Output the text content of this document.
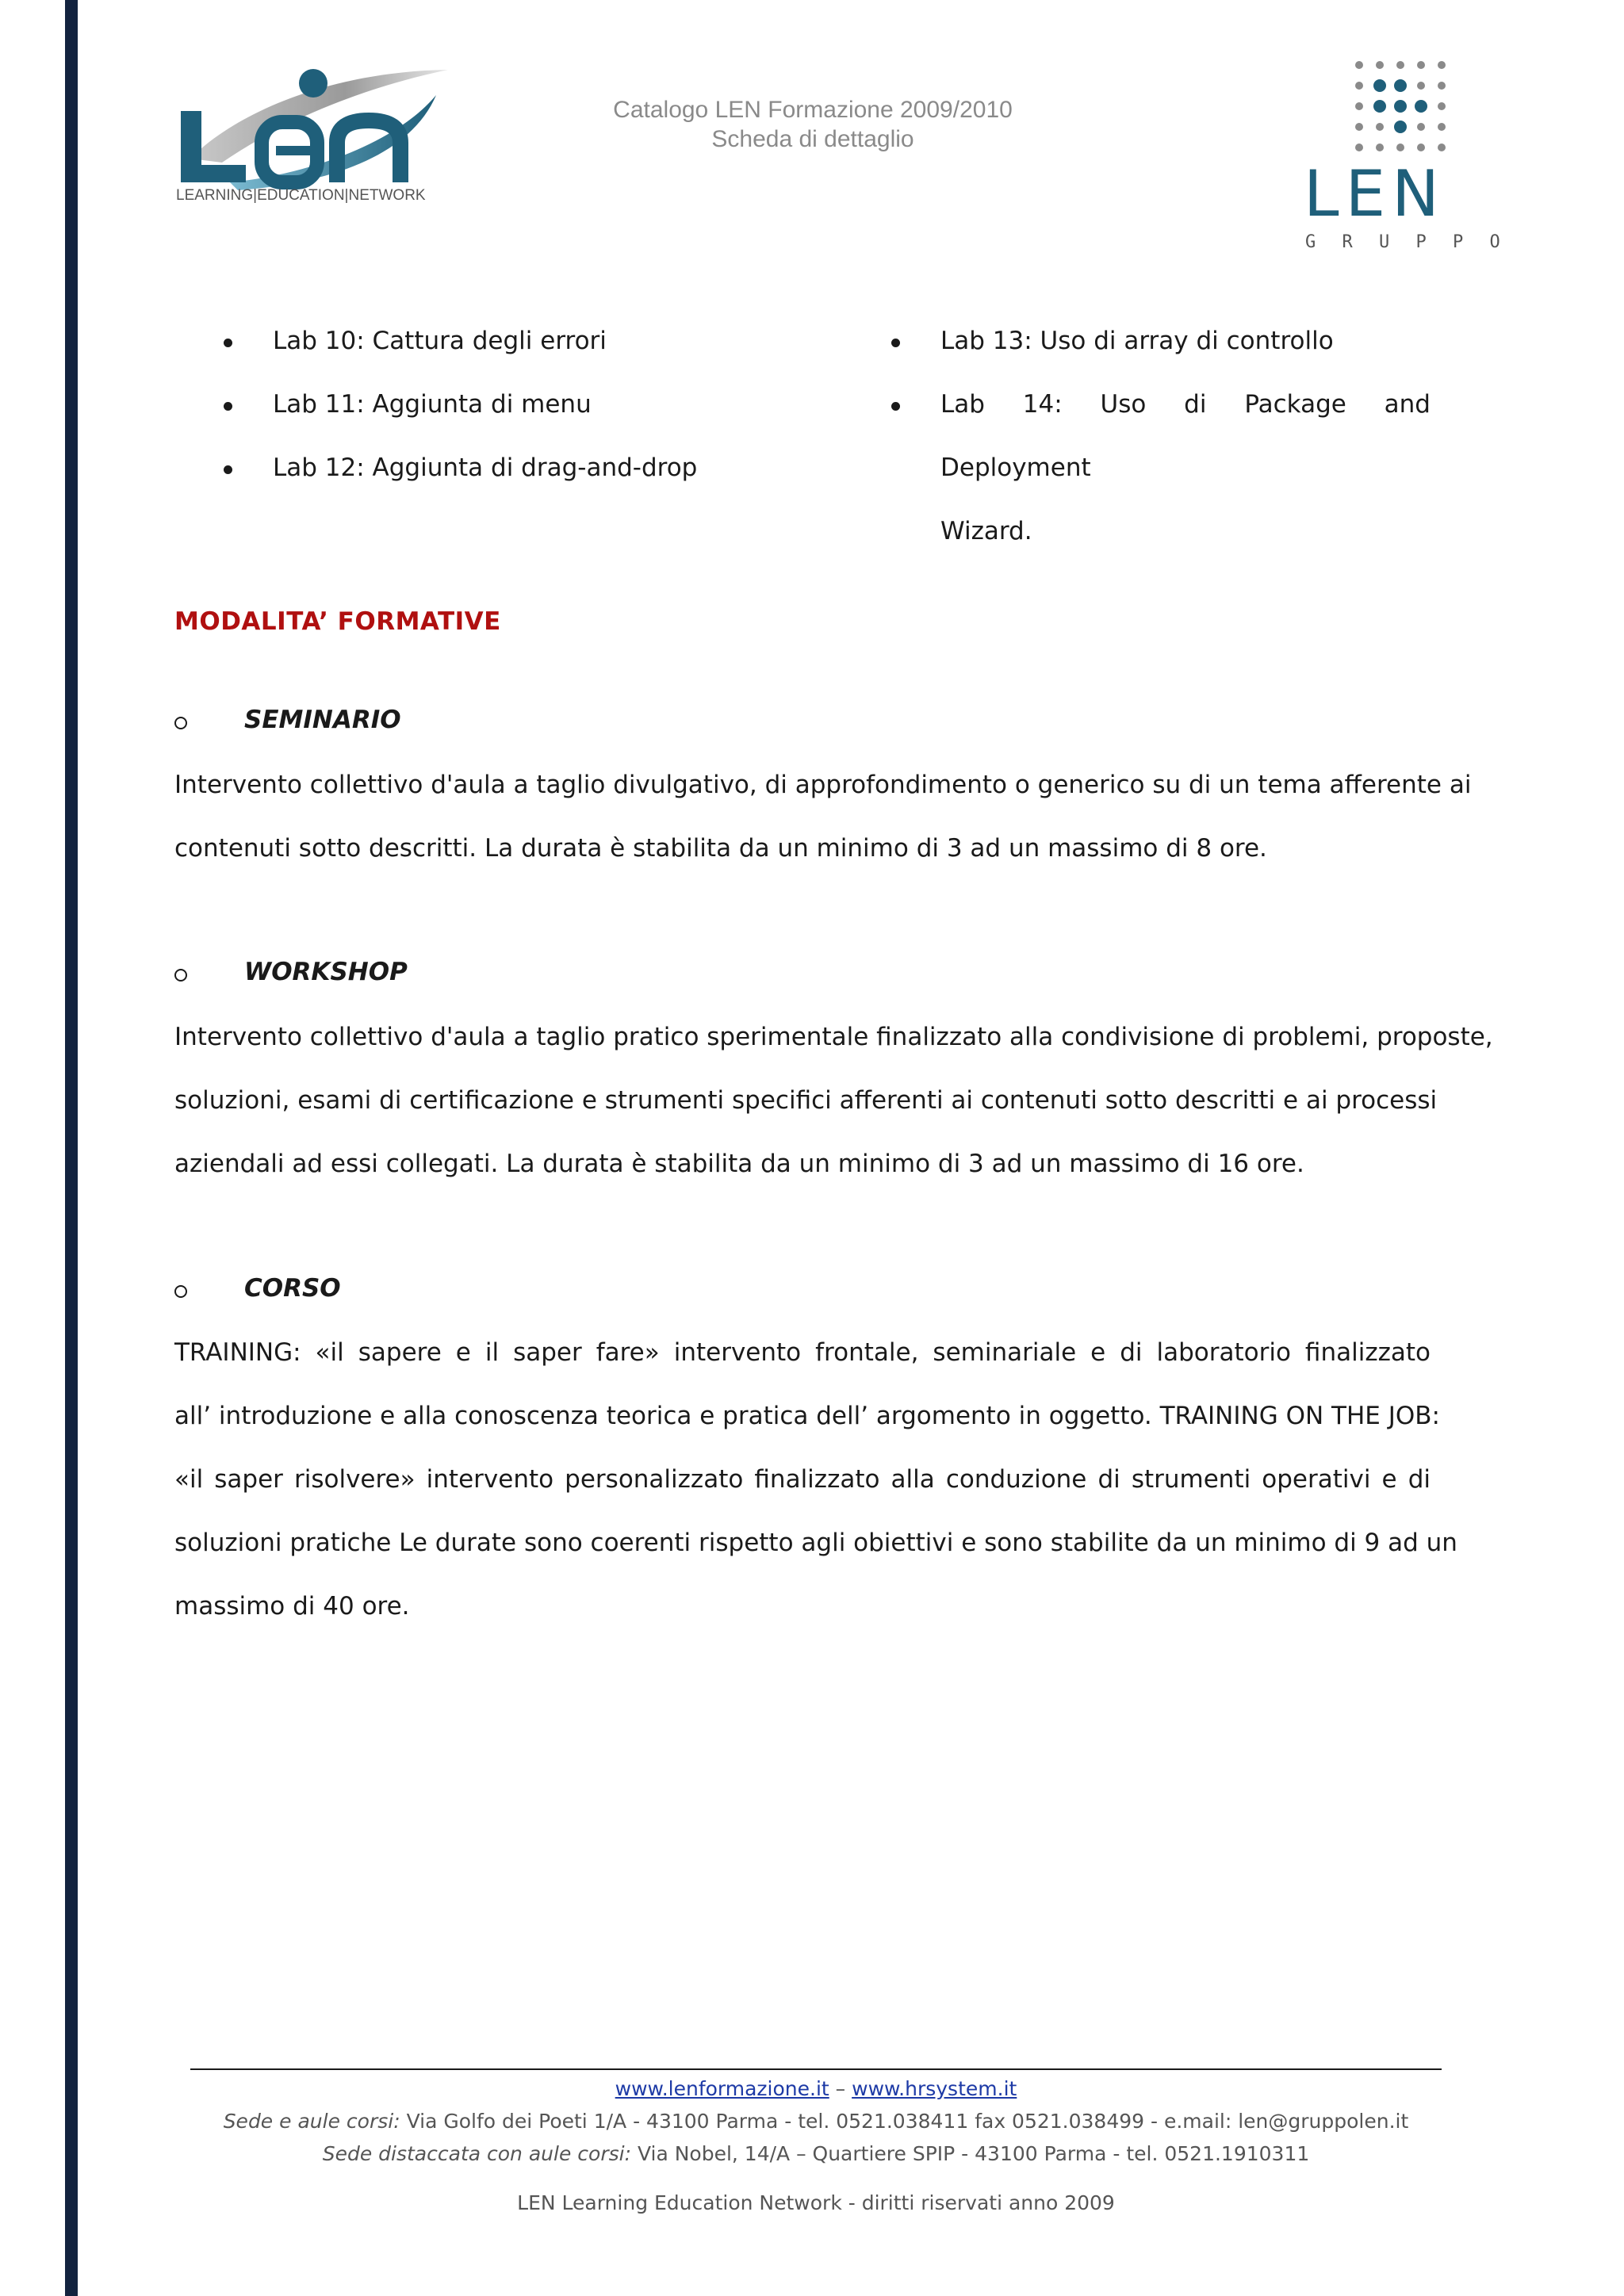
LEARNING|EDUCATION|NETWORK
Catalogo LEN Formazione 2009/2010
Scheda di dettaglio
LEN
G R U P P O
Lab 10: Cattura degli errori
Lab 11: Aggiunta di menu
Lab 12: Aggiunta di drag-and-drop
Lab 13: Uso di array di controllo
Lab 14: Uso di Package and Deployment
Wizard.
MODALITA’ FORMATIVE
SEMINARIO
Intervento collettivo d'aula a taglio divulgativo, di approfondimento o generico su di un tema afferente ai
contenuti sotto descritti. La durata è stabilita da un minimo di 3 ad un massimo di 8 ore.
WORKSHOP
Intervento collettivo d'aula a taglio pratico sperimentale finalizzato alla condivisione di problemi, proposte,
soluzioni, esami di certificazione e strumenti specifici afferenti ai contenuti sotto descritti e ai processi
aziendali ad essi collegati. La durata è stabilita da un minimo di 3 ad un massimo di 16 ore.
CORSO
TRAINING: «il sapere e il saper fare» intervento frontale, seminariale e di laboratorio finalizzato
all’ introduzione e alla conoscenza teorica e pratica dell’ argomento in oggetto. TRAINING ON THE JOB:
«il saper risolvere» intervento personalizzato finalizzato alla conduzione di strumenti operativi e di
soluzioni pratiche Le durate sono coerenti rispetto agli obiettivi e sono stabilite da un minimo di 9 ad un
massimo di 40 ore.
www.lenformazione.it – www.hrsystem.it
Sede e aule corsi: Via Golfo dei Poeti 1/A - 43100 Parma - tel. 0521.038411 fax 0521.038499 - e.mail: len@gruppolen.it
Sede distaccata con aule corsi: Via Nobel, 14/A – Quartiere SPIP - 43100 Parma - tel. 0521.1910311
LEN Learning Education Network - diritti riservati anno 2009
